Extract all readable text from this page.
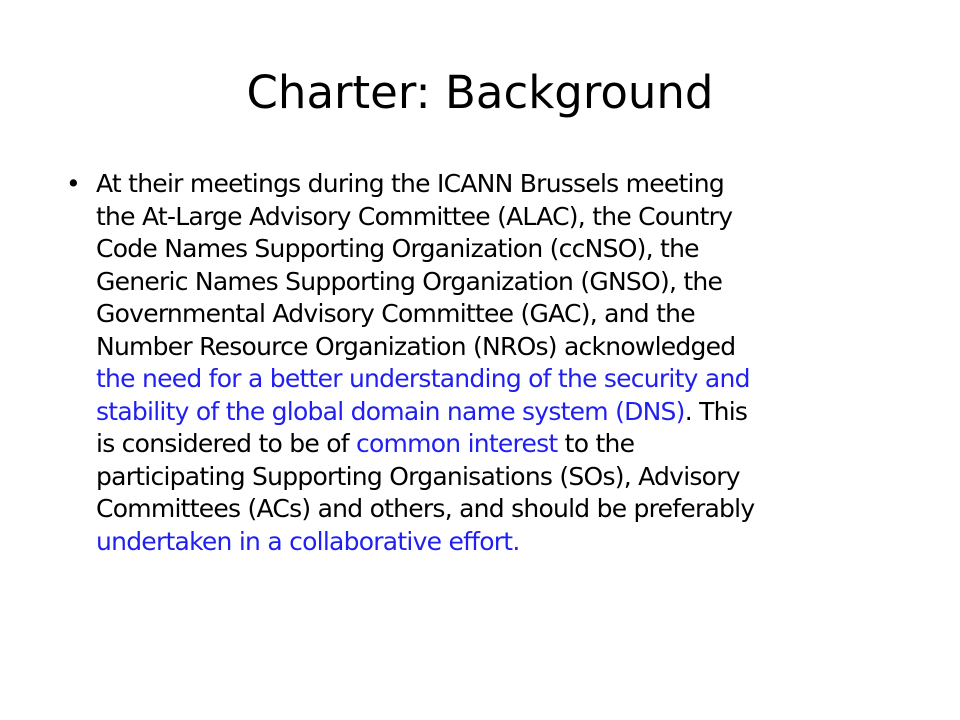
Charter: Background
• At their meetings during the ICANN Brussels meeting
the At-Large Advisory Committee (ALAC), the Country
Code Names Supporting Organization (ccNSO), the
Generic Names Supporting Organization (GNSO), the
Governmental Advisory Committee (GAC), and the
Number Resource Organization (NROs) acknowledged
the need for a better understanding of the security and
stability of the global domain name system (DNS). This
is considered to be of common interest to the
participating Supporting Organisations (SOs), Advisory
Committees (ACs) and others, and should be preferably
undertaken in a collaborative effort.
